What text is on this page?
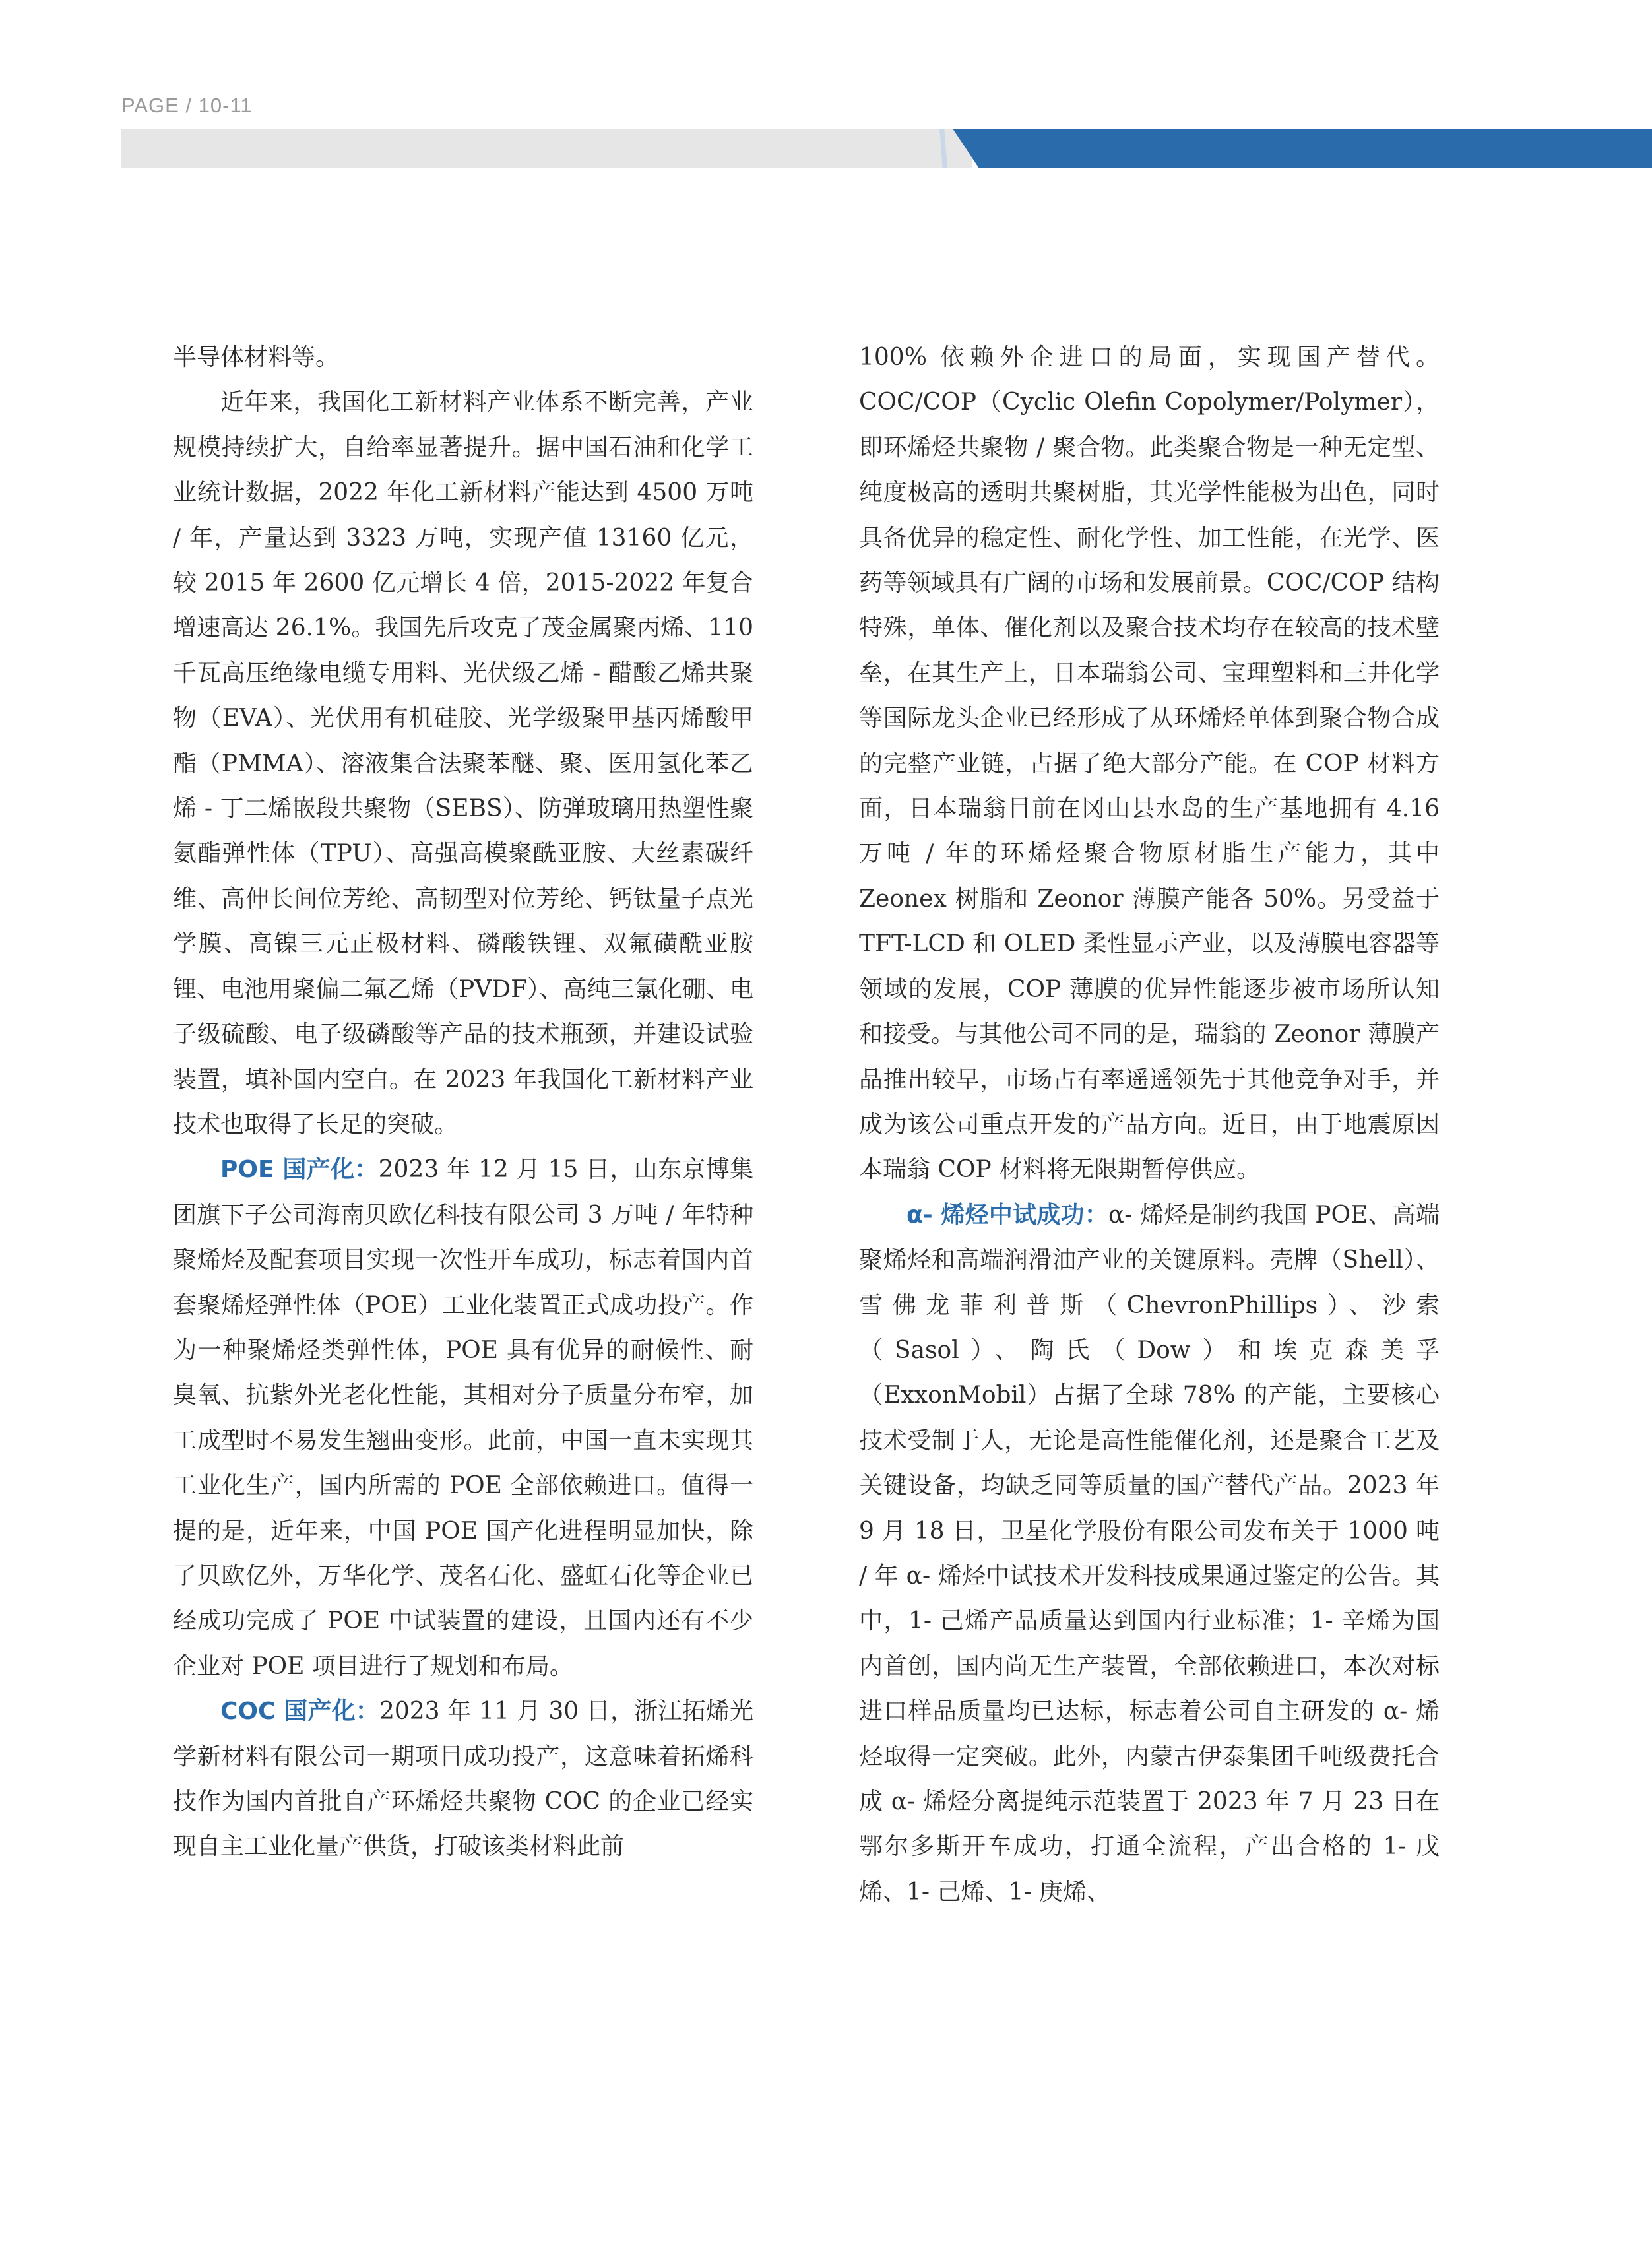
PAGE / 10-11
投资视野 2024 年第 1 期（总第 4 期）

半导体材料等。

近年来，我国化工新材料产业体系不断完善，产业规模持续扩大，自给率显著提升。据中国石油和化学工业统计数据，2022 年化工新材料产能达到 4500 万吨 / 年，产量达到 3323 万吨，实现产值 13160 亿元，较 2015 年 2600 亿元增长 4 倍，2015-2022 年复合增速高达 26.1%。我国先后攻克了茂金属聚丙烯、110 千瓦高压绝缘电缆专用料、光伏级乙烯 - 醋酸乙烯共聚物（EVA）、光伏用有机硅胶、光学级聚甲基丙烯酸甲酯（PMMA）、溶液集合法聚苯醚、聚、医用氢化苯乙烯 - 丁二烯嵌段共聚物（SEBS）、防弹玻璃用热塑性聚氨酯弹性体（TPU）、高强高模聚酰亚胺、大丝素碳纤维、高伸长间位芳纶、高韧型对位芳纶、钙钛量子点光学膜、高镍三元正极材料、磷酸铁锂、双氟磺酰亚胺锂、电池用聚偏二氟乙烯（PVDF）、高纯三氯化硼、电子级硫酸、电子级磷酸等产品的技术瓶颈，并建设试验装置，填补国内空白。在 2023 年我国化工新材料产业技术也取得了长足的突破。

POE 国产化：2023 年 12 月 15 日，山东京博集团旗下子公司海南贝欧亿科技有限公司 3 万吨 / 年特种聚烯烃及配套项目实现一次性开车成功，标志着国内首套聚烯烃弹性体（POE）工业化装置正式成功投产。作为一种聚烯烃类弹性体，POE 具有优异的耐候性、耐臭氧、抗紫外光老化性能，其相对分子质量分布窄，加工成型时不易发生翘曲变形。此前，中国一直未实现其工业化生产，国内所需的 POE 全部依赖进口。值得一提的是，近年来，中国 POE 国产化进程明显加快，除了贝欧亿外，万华化学、茂名石化、盛虹石化等企业已经成功完成了 POE 中试装置的建设，且国内还有不少企业对 POE 项目进行了规划和布局。

COC 国产化：2023 年 11 月 30 日，浙江拓烯光学新材料有限公司一期项目成功投产，这意味着拓烯科技作为国内首批自产环烯烃共聚物 COC 的企业已经实现自主工业化量产供货，打破该类材料此前

100% 依赖外企进口的局面，实现国产替代。COC/COP（Cyclic Olefin Copolymer/Polymer），即环烯烃共聚物 / 聚合物。此类聚合物是一种无定型、纯度极高的透明共聚树脂，其光学性能极为出色，同时具备优异的稳定性、耐化学性、加工性能，在光学、医药等领域具有广阔的市场和发展前景。COC/COP 结构特殊，单体、催化剂以及聚合技术均存在较高的技术壁垒，在其生产上，日本瑞翁公司、宝理塑料和三井化学等国际龙头企业已经形成了从环烯烃单体到聚合物合成的完整产业链，占据了绝大部分产能。在 COP 材料方面，日本瑞翁目前在冈山县水岛的生产基地拥有 4.16 万吨 / 年的环烯烃聚合物原材脂生产能力，其中 Zeonex 树脂和 Zeonor 薄膜产能各 50%。另受益于 TFT-LCD 和 OLED 柔性显示产业，以及薄膜电容器等领域的发展，COP 薄膜的优异性能逐步被市场所认知和接受。与其他公司不同的是，瑞翁的 Zeonor 薄膜产品推出较早，市场占有率遥遥领先于其他竞争对手，并成为该公司重点开发的产品方向。近日，由于地震原因本瑞翁 COP 材料将无限期暂停供应。

α- 烯烃中试成功：α- 烯烃是制约我国 POE、高端聚烯烃和高端润滑油产业的关键原料。壳牌（Shell）、雪佛龙菲利普斯（ChevronPhillips）、沙索（Sasol）、陶氏（Dow）和埃克森美孚（ExxonMobil）占据了全球 78% 的产能，主要核心技术受制于人，无论是高性能催化剂，还是聚合工艺及关键设备，均缺乏同等质量的国产替代产品。2023 年 9 月 18 日，卫星化学股份有限公司发布关于 1000 吨 / 年 α- 烯烃中试技术开发科技成果通过鉴定的公告。其中，1- 己烯产品质量达到国内行业标准；1- 辛烯为国内首创，国内尚无生产装置，全部依赖进口，本次对标进口样品质量均已达标，标志着公司自主研发的 α- 烯烃取得一定突破。此外，内蒙古伊泰集团千吨级费托合成 α- 烯烃分离提纯示范装置于 2023 年 7 月 23 日在鄂尔多斯开车成功，打通全流程，产出合格的 1- 戊烯、1- 己烯、1- 庚烯、
